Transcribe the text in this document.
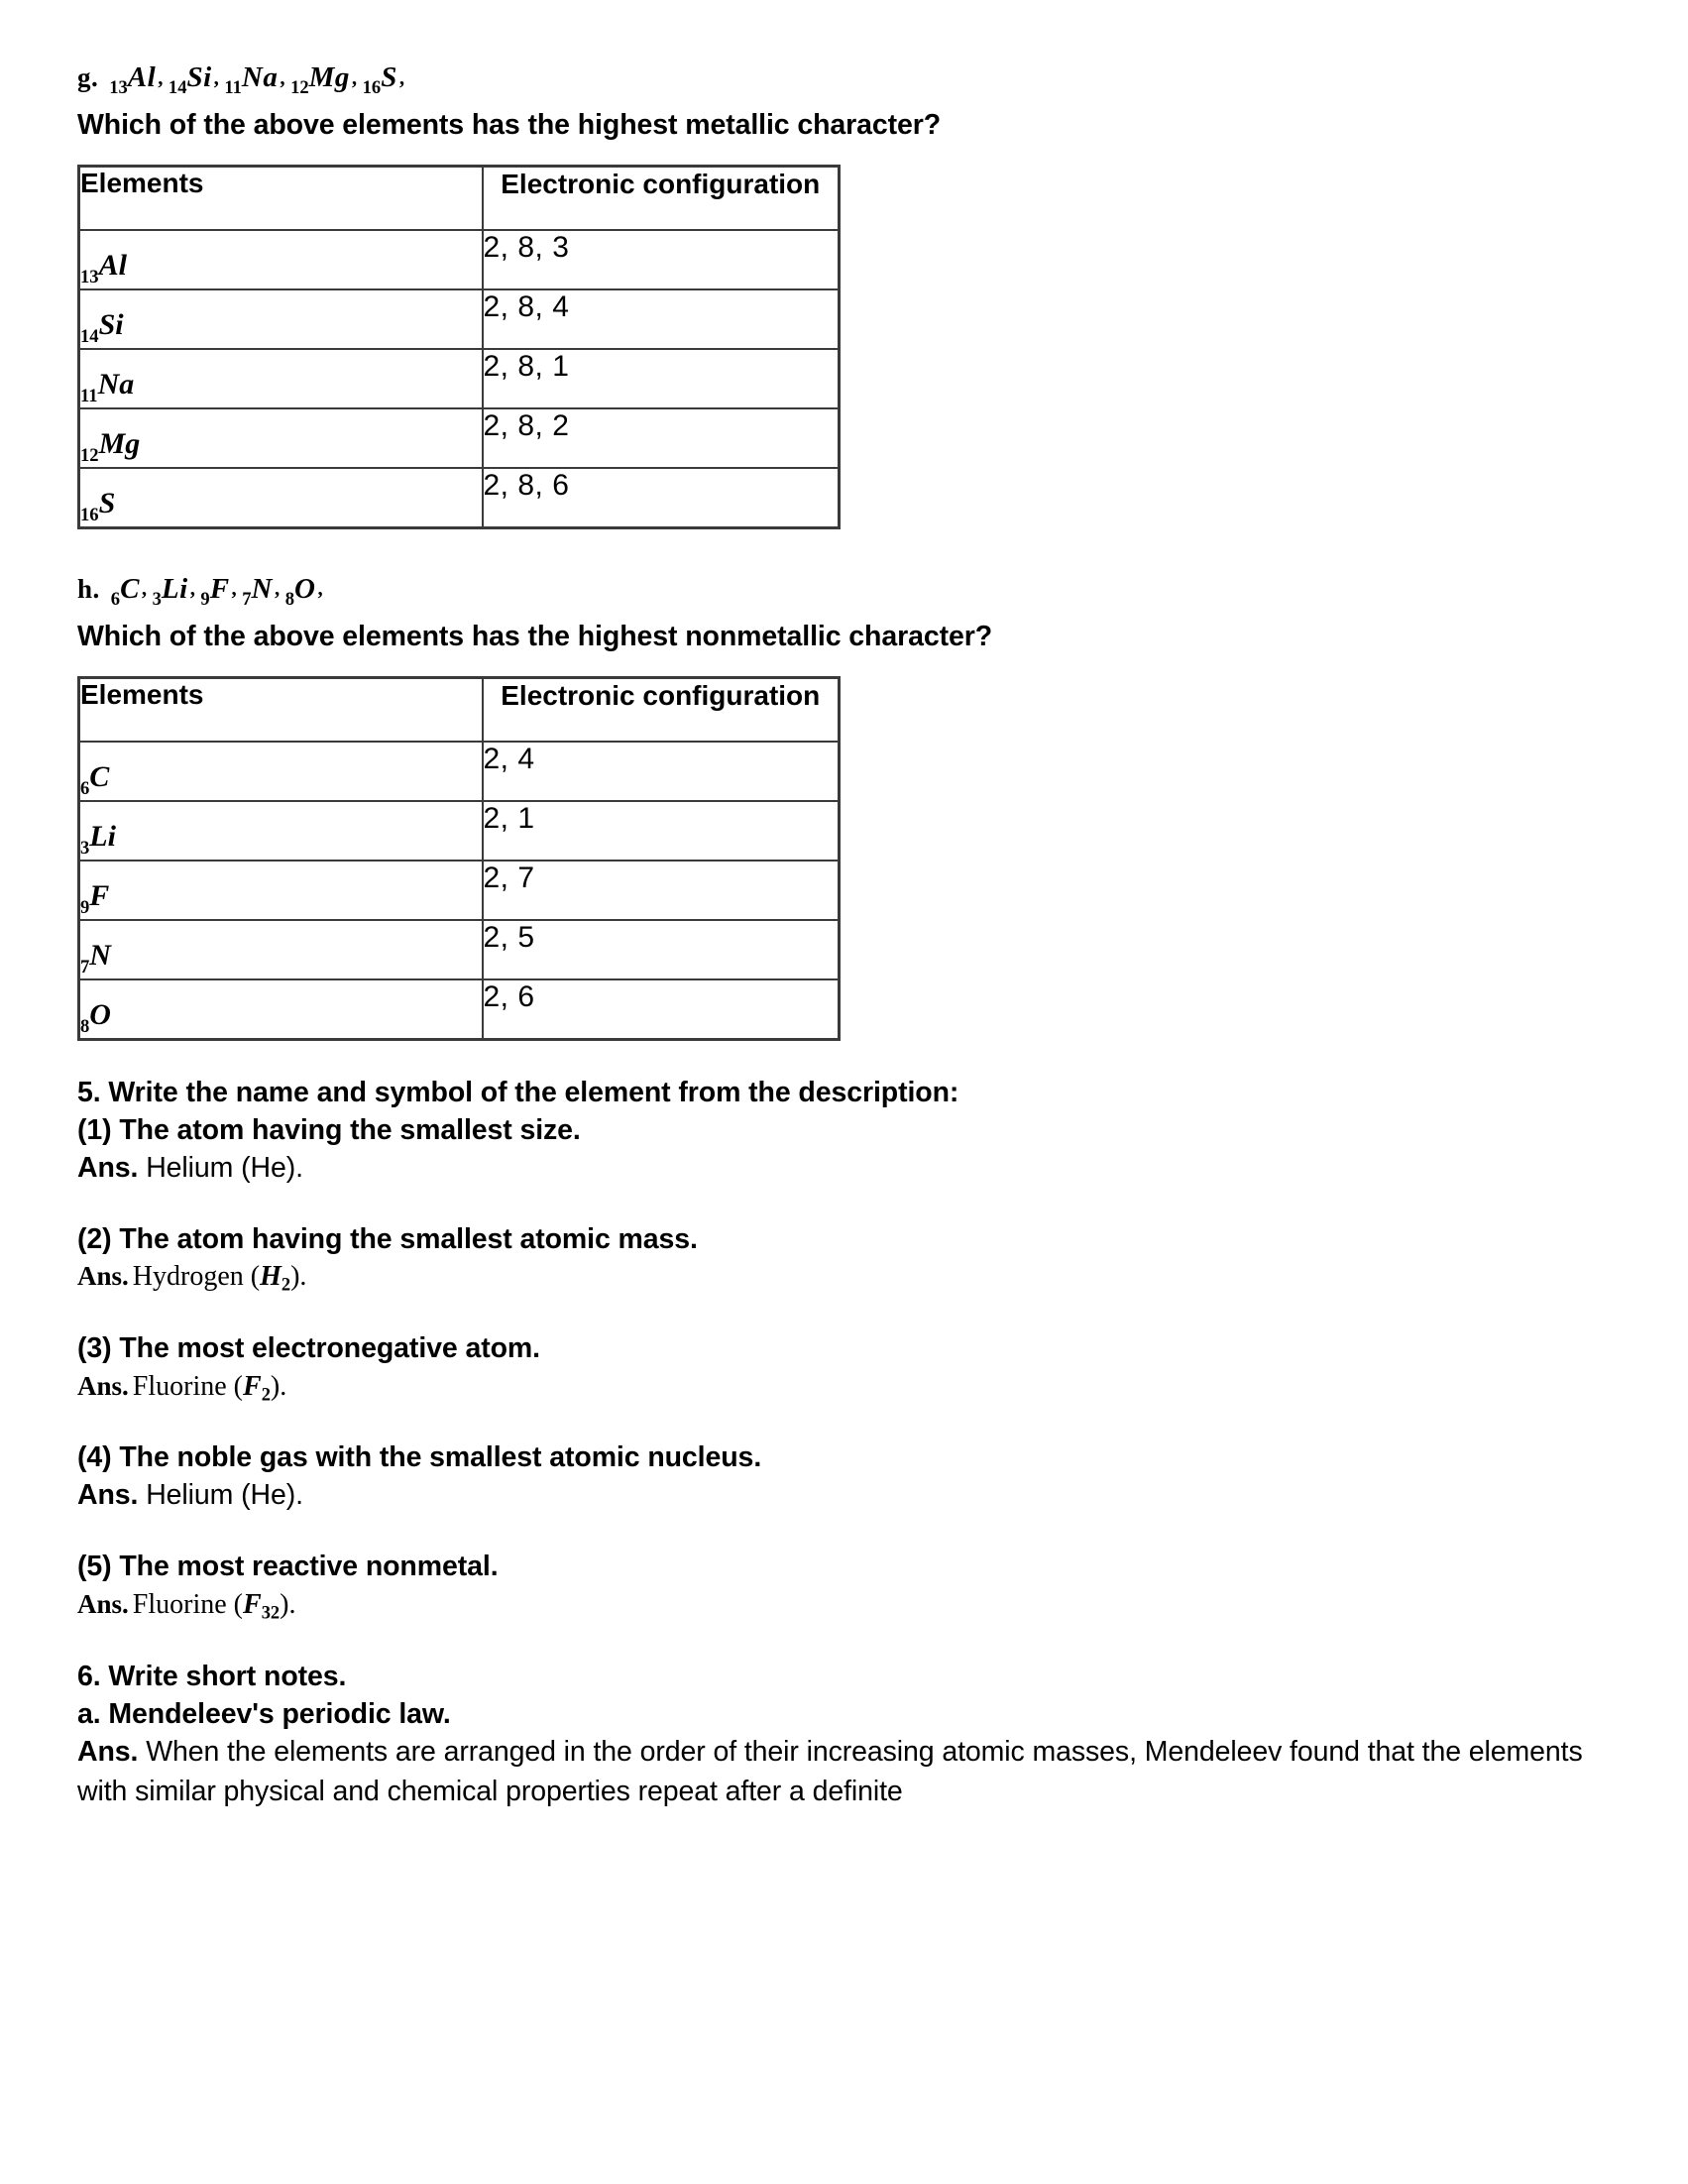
g. $_{13}$Al, $_{14}$Si, $_{11}$Na, $_{12}$Mg, $_{16}$S,
Which of the above elements has the highest metallic character?
Elements	Electronic configuration
$_{13}$Al	2, 8, 3
$_{14}$Si	2, 8, 4
$_{11}$Na	2, 8, 1
$_{12}$Mg	2, 8, 2
$_{16}$S	2, 8, 6
h. $_6$C, $_3$Li, $_9$F, $_7$N, $_8$O,
Which of the above elements has the highest nonmetallic character?
Elements	Electronic configuration
$_6$C	2, 4
$_3$Li	2, 1
$_9$F	2, 7
$_7$N	2, 5
$_8$O	2, 6
5. Write the name and symbol of the element from the description:
(1) The atom having the smallest size.
Ans. Helium (He).
(2) The atom having the smallest atomic mass.
Ans. Hydrogen $(H_2)$.
(3) The most electronegative atom.
Ans. Fluorine $(F_2)$.
(4) The noble gas with the smallest atomic nucleus.
Ans. Helium (He).
(5) The most reactive nonmetal.
Ans. Fluorine $(F_{32})$.
6. Write short notes.
a. Mendeleev's periodic law.
Ans. When the elements are arranged in the order of their increasing atomic masses, Mendeleev found that the elements with similar physical and chemical properties repeat after a definite
